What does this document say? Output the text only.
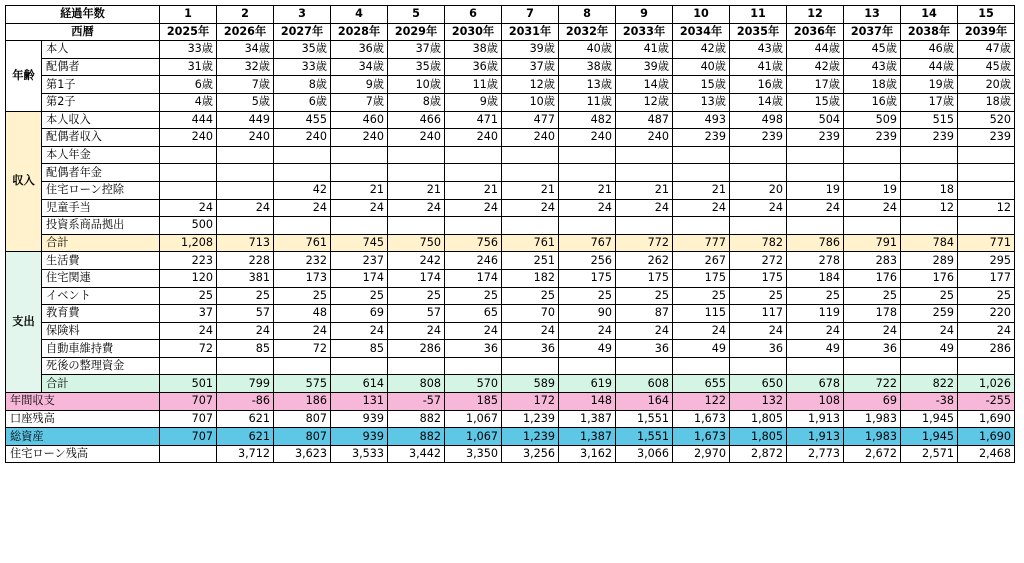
経過年数		1	2	3	4	5	6	7	8	9	10	11	12	13	14	15
西暦		2025年	2026年	2027年	2028年	2029年	2030年	2031年	2032年	2033年	2034年	2035年	2036年	2037年	2038年	2039年
年齢	本人	33歳	34歳	35歳	36歳	37歳	38歳	39歳	40歳	41歳	42歳	43歳	44歳	45歳	46歳	47歳
	配偶者	31歳	32歳	33歳	34歳	35歳	36歳	37歳	38歳	39歳	40歳	41歳	42歳	43歳	44歳	45歳
	第1子	6歳	7歳	8歳	9歳	10歳	11歳	12歳	13歳	14歳	15歳	16歳	17歳	18歳	19歳	20歳
	第2子	4歳	5歳	6歳	7歳	8歳	9歳	10歳	11歳	12歳	13歳	14歳	15歳	16歳	17歳	18歳
収入	本人収入	444	449	455	460	466	471	477	482	487	493	498	504	509	515	520
	配偶者収入	240	240	240	240	240	240	240	240	240	239	239	239	239	239	239
	本人年金															
	配偶者年金															
	住宅ローン控除			42	21	21	21	21	21	21	21	20	19	19	18	
	児童手当	24	24	24	24	24	24	24	24	24	24	24	24	24	12	12
	投資系商品拠出	500														
	合計	1,208	713	761	745	750	756	761	767	772	777	782	786	791	784	771
支出	生活費	223	228	232	237	242	246	251	256	262	267	272	278	283	289	295
	住宅関連	120	381	173	174	174	174	182	175	175	175	175	184	176	176	177
	イベント	25	25	25	25	25	25	25	25	25	25	25	25	25	25	25
	教育費	37	57	48	69	57	65	70	90	87	115	117	119	178	259	220
	保険料	24	24	24	24	24	24	24	24	24	24	24	24	24	24	24
	自動車維持費	72	85	72	85	286	36	36	49	36	49	36	49	36	49	286
	死後の整理資金															
	合計	501	799	575	614	808	570	589	619	608	655	650	678	722	822	1,026
年間収支		707	-86	186	131	-57	185	172	148	164	122	132	108	69	-38	-255
口座残高		707	621	807	939	882	1,067	1,239	1,387	1,551	1,673	1,805	1,913	1,983	1,945	1,690
総資産		707	621	807	939	882	1,067	1,239	1,387	1,551	1,673	1,805	1,913	1,983	1,945	1,690
住宅ローン残高			3,712	3,623	3,533	3,442	3,350	3,256	3,162	3,066	2,970	2,872	2,773	2,672	2,571	2,468
